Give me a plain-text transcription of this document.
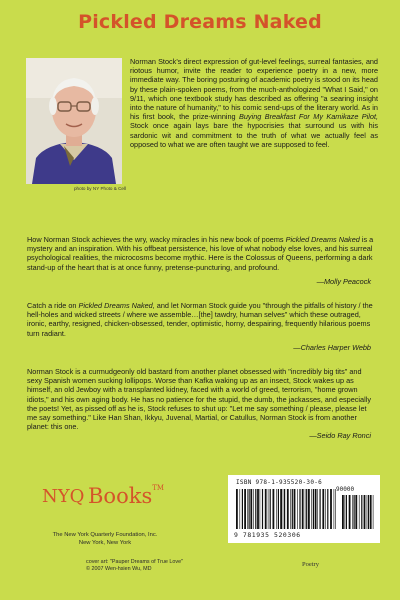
Pickled Dreams Naked
photo by NY Photo & Cell
Norman Stock's direct expression of gut-level feelings, surreal fantasies, and riotous humor, invite the reader to experience poetry in a new, more immediate way. The boring posturing of academic poetry is stood on its head by these plain-spoken poems, from the much-anthologized "What I Said," on 9/11, which one textbook study has described as offering "a searing insight into the nature of humanity," to his comic send-ups of the literary world. As in his first book, the prize-winning Buying Breakfast For My Kamikaze Pilot, Stock once again lays bare the hypocrisies that surround us with his sardonic wit and commitment to the truth of what we actually feel as opposed to what we are often taught we are supposed to feel.
How Norman Stock achieves the wry, wacky miracles in his new book of poems Pickled Dreams Naked is a mystery and an inspiration. With his offbeat persistence, his love of what nobody else loves, and his surreal psychological realities, the microcosms become mythic. Here is the Colossus of Queens, performing a dark stand-up of the heart that is at once funny, pretense-puncturing, and profound.
—Molly Peacock
Catch a ride on Pickled Dreams Naked, and let Norman Stock guide you "through the pitfalls of history / the hell-holes and wicked streets / where we assemble…[the] tawdry, human selves" which these outraged, ironic, earthy, resigned, chicken-obsessed, tender, optimistic, horny, despairing, frequently hilarious poems turn radiant.
—Charles Harper Webb
Norman Stock is a curmudgeonly old bastard from another planet obsessed with "incredibly big tits" and sexy Spanish women sucking lollipops. Worse than Kafka waking up as an insect, Stock wakes up as himself, an old Jewboy with a transplanted kidney, faced with a world of greed, terrorism, "home grown idiots," and his own aging body. He has no patience for the stupid, the dumb, the jackasses, and especially the poets! Yet, as pissed off as he is, Stock refuses to shut up: "Let me say something / please, please let me say something." Like Han Shan, Ikkyu, Juvenal, Martial, or Catullus, Norman Stock is from another planet: this one.
—Seido Ray Ronci
NYQ Books™
The New York Quarterly Foundation, Inc.
New York, New York
cover art: "Pauper Dreams of True Love"
© 2007 Wen-hsien Wu, MD
Poetry
ISBN 978-1-935520-30-6
90000
9 781935 520306
